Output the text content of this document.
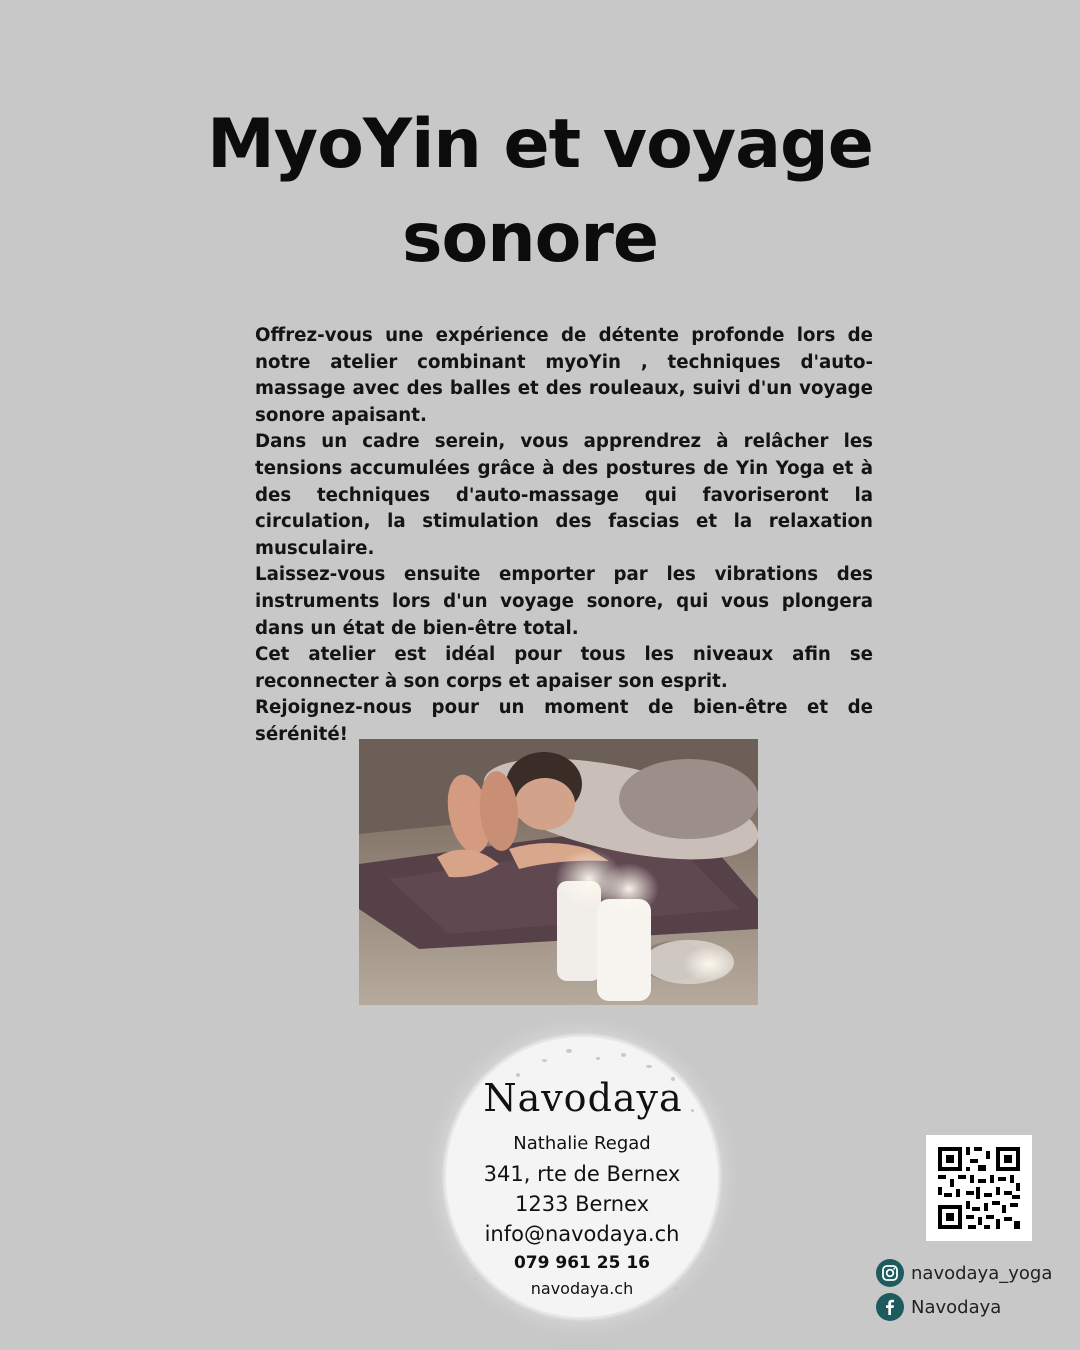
MyoYin et voyage
sonore

Offrez-vous une expérience de détente profonde lors de notre atelier combinant myoYin , techniques d'auto-massage avec des balles et des rouleaux, suivi d'un voyage sonore apaisant.

Dans un cadre serein, vous apprendrez à relâcher les tensions accumulées grâce à des postures de Yin Yoga et à des techniques d'auto-massage qui favoriseront la circulation, la stimulation des fascias et la relaxation musculaire.

Laissez-vous ensuite emporter par les vibrations des instruments lors d'un voyage sonore, qui vous plongera dans un état de bien-être total.

Cet atelier est idéal pour tous les niveaux afin se reconnecter à son corps et apaiser son esprit.

Rejoignez-nous pour un moment de bien-être et de sérénité!

Navodaya
Nathalie Regad
341, rte de Bernex
1233 Bernex
info@navodaya.ch
079 961 25 16
navodaya.ch
navodaya_yoga
Navodaya
